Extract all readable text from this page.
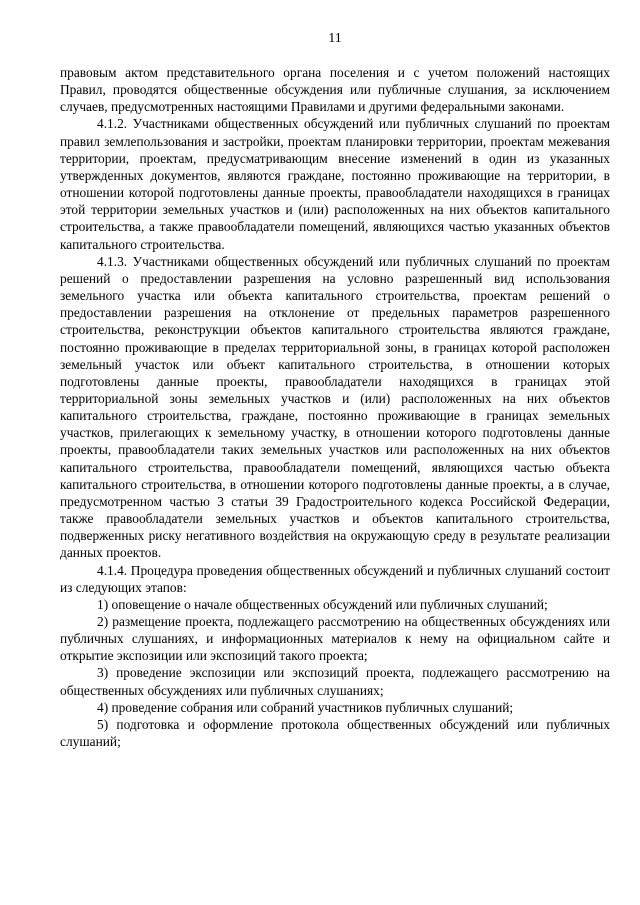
11

правовым актом представительного органа поселения и с учетом положений настоящих Правил, проводятся общественные обсуждения или публичные слушания, за исключением случаев, предусмотренных настоящими Правилами и другими федеральными законами.

4.1.2. Участниками общественных обсуждений или публичных слушаний по проектам правил землепользования и застройки, проектам планировки территории, проектам межевания территории, проектам, предусматривающим внесение изменений в один из указанных утвержденных документов, являются граждане, постоянно проживающие на территории, в отношении которой подготовлены данные проекты, правообладатели находящихся в границах этой территории земельных участков и (или) расположенных на них объектов капитального строительства, а также правообладатели помещений, являющихся частью указанных объектов капитального строительства.

4.1.3. Участниками общественных обсуждений или публичных слушаний по проектам решений о предоставлении разрешения на условно разрешенный вид использования земельного участка или объекта капитального строительства, проектам решений о предоставлении разрешения на отклонение от предельных параметров разрешенного строительства, реконструкции объектов капитального строительства являются граждане, постоянно проживающие в пределах территориальной зоны, в границах которой расположен земельный участок или объект капитального строительства, в отношении которых подготовлены данные проекты, правообладатели находящихся в границах этой территориальной зоны земельных участков и (или) расположенных на них объектов капитального строительства, граждане, постоянно проживающие в границах земельных участков, прилегающих к земельному участку, в отношении которого подготовлены данные проекты, правообладатели таких земельных участков или расположенных на них объектов капитального строительства, правообладатели помещений, являющихся частью объекта капитального строительства, в отношении которого подготовлены данные проекты, а в случае, предусмотренном частью 3 статьи 39 Градостроительного кодекса Российской Федерации, также правообладатели земельных участков и объектов капитального строительства, подверженных риску негативного воздействия на окружающую среду в результате реализации данных проектов.

4.1.4. Процедура проведения общественных обсуждений и публичных слушаний состоит из следующих этапов:

1) оповещение о начале общественных обсуждений или публичных слушаний;

2) размещение проекта, подлежащего рассмотрению на общественных обсуждениях или публичных слушаниях, и информационных материалов к нему на официальном сайте и открытие экспозиции или экспозиций такого проекта;

3) проведение экспозиции или экспозиций проекта, подлежащего рассмотрению на общественных обсуждениях или публичных слушаниях;

4) проведение собрания или собраний участников публичных слушаний;

5) подготовка и оформление протокола общественных обсуждений или публичных слушаний;
